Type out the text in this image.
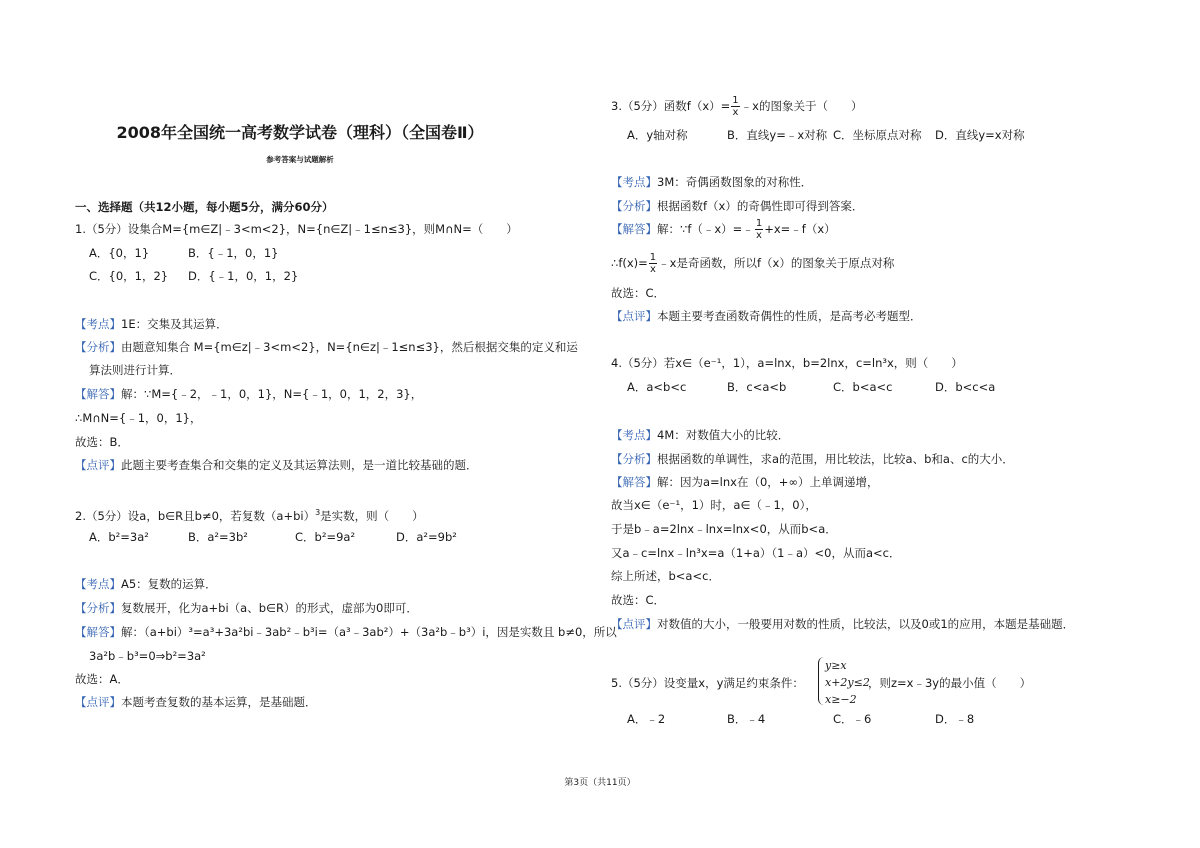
2008年全国统一高考数学试卷（理科）（全国卷Ⅱ）
参考答案与试题解析
一、选择题（共12小题，每小题5分，满分60分）
1.（5分）设集合M={m∈Z|﹣3<m<2}，N={n∈Z|﹣1≤n≤3}，则M∩N=（　　）
A．{0，1}	B．{﹣1，0，1}
C．{0，1，2} D．{﹣1，0，1，2}
【考点】1E：交集及其运算．
【分析】由题意知集合 M={m∈z|﹣3<m<2}，N={n∈z|﹣1≤n≤3}，然后根据交集的定义和运
算法则进行计算．
【解答】解：∵M={﹣2，﹣1，0，1}，N={﹣1，0，1，2，3}，
∴M∩N={﹣1，0，1}，
故选：B．
【点评】此题主要考查集合和交集的定义及其运算法则，是一道比较基础的题．
2.（5分）设a，b∈R且b≠0，若复数$(a+bi)^3$是实数，则（　　）
A．b²=3a²	B．a²=3b²	C．b²=9a²	D．a²=9b²
【考点】A5：复数的运算．
【分析】复数展开，化为a+bi（a、b∈R）的形式，虚部为0即可．
【解答】解：（a+bi）³=a³+3a²bi﹣3ab²﹣b³i=（a³﹣3ab²）+（3a²b﹣b³）i，因是实数且 b≠0，所以
3a²b﹣b³=0⇒b²=3a²
故选：A．
【点评】本题考查复数的基本运算，是基础题．
3.（5分）函数$f(x)= \frac{1}{x}$ ﹣x的图象关于（　　）
A．y轴对称	B．直线y=﹣x对称 C．坐标原点对称 D．直线y=x对称
【考点】3M：奇偶函数图象的对称性．
【分析】根据函数f（x）的奇偶性即可得到答案．
【解答】解：∵f（﹣x）=﹣ $\frac{1}{x}$ +x=﹣f（x）
∴f(x)= $\frac{1}{x}$ ﹣x是奇函数，所以f（x）的图象关于原点对称
故选：C．
【点评】本题主要考查函数奇偶性的性质，是高考必考题型．
4.（5分）若x∈（e⁻¹，1），a=lnx，b=2lnx，c=ln³x，则（　　）
A．a<b<c	B．c<a<b	C．b<a<c	D．b<c<a
【考点】4M：对数值大小的比较．
【分析】根据函数的单调性，求a的范围，用比较法，比较a、b和a、c的大小．
【解答】解：因为a=lnx在（0，+∞）上单调递增，
故当x∈（e⁻¹，1）时，a∈（﹣1，0），
于是b﹣a=2lnx﹣lnx=lnx<0，从而b<a．
又a﹣c=lnx﹣ln³x=a（1+a）（1﹣a）<0，从而a<c．
综上所述，b<a<c．
故选：C．
【点评】对数值的大小，一般要用对数的性质，比较法，以及0或1的应用，本题是基础题．
5.（5分）设变量x，y满足约束条件：
y≥x
x+2y≤2
x≥−2
，则z=x﹣3y的最小值（　　）
A．﹣2	B．﹣4	C．﹣6	D．﹣8
第3页（共11页）
